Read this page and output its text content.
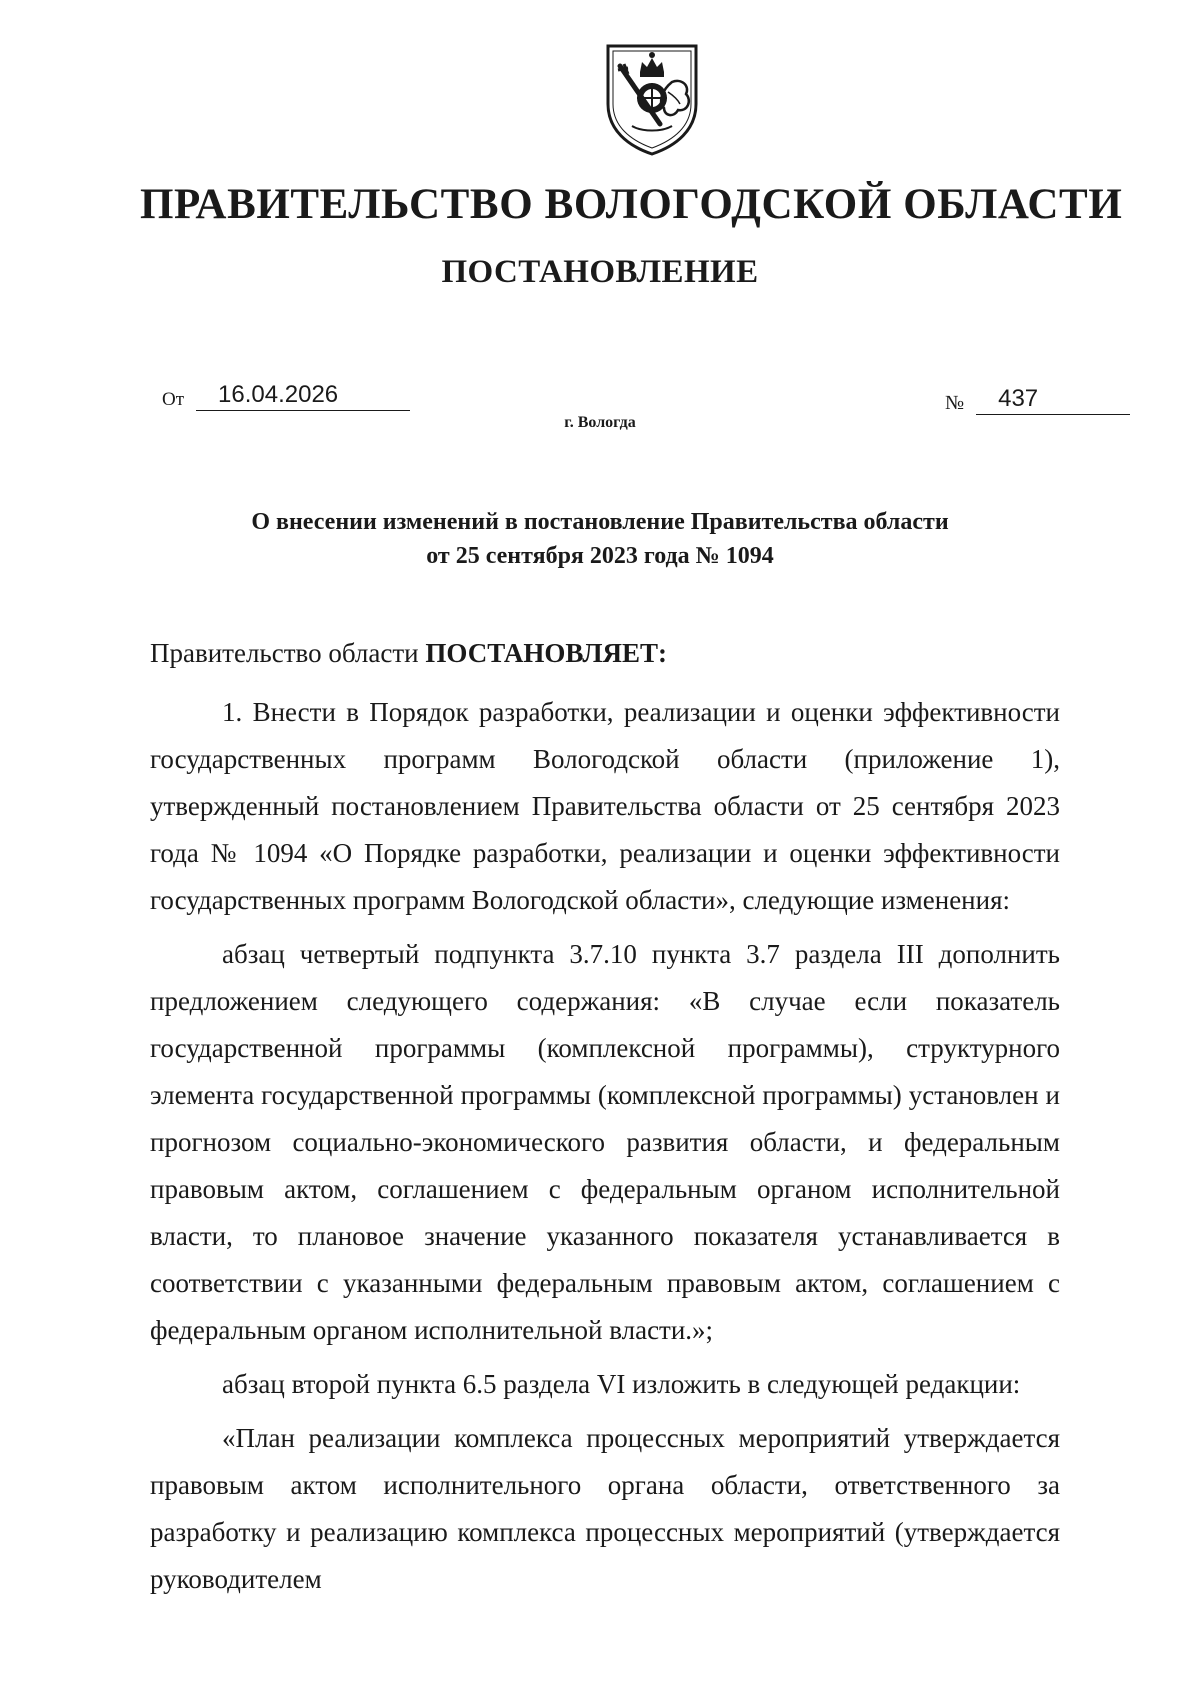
ПРАВИТЕЛЬСТВО ВОЛОГОДСКОЙ ОБЛАСТИ
ПОСТАНОВЛЕНИЕ
От	16.04.2026	№	437
г. Вологда
О внесении изменений в постановление Правительства области
от 25 сентября 2023 года № 1094

Правительство области ПОСТАНОВЛЯЕТ:

1. Внести в Порядок разработки, реализации и оценки эффективности государственных программ Вологодской области (приложение 1), утвержденный постановлением Правительства области от 25 сентября 2023 года № 1094 «О Порядке разработки, реализации и оценки эффективности государственных программ Вологодской области», следующие изменения:

абзац четвертый подпункта 3.7.10 пункта 3.7 раздела III дополнить предложением следующего содержания: «В случае если показатель государственной программы (комплексной программы), структурного элемента государственной программы (комплексной программы) установлен и прогнозом социально-экономического развития области, и федеральным правовым актом, соглашением с федеральным органом исполнительной власти, то плановое значение указанного показателя устанавливается в соответствии с указанными федеральным правовым актом, соглашением с федеральным органом исполнительной власти.»;

абзац второй пункта 6.5 раздела VI изложить в следующей редакции:

«План реализации комплекса процессных мероприятий утверждается правовым актом исполнительного органа области, ответственного за разработку и реализацию комплекса процессных мероприятий (утверждается руководителем
